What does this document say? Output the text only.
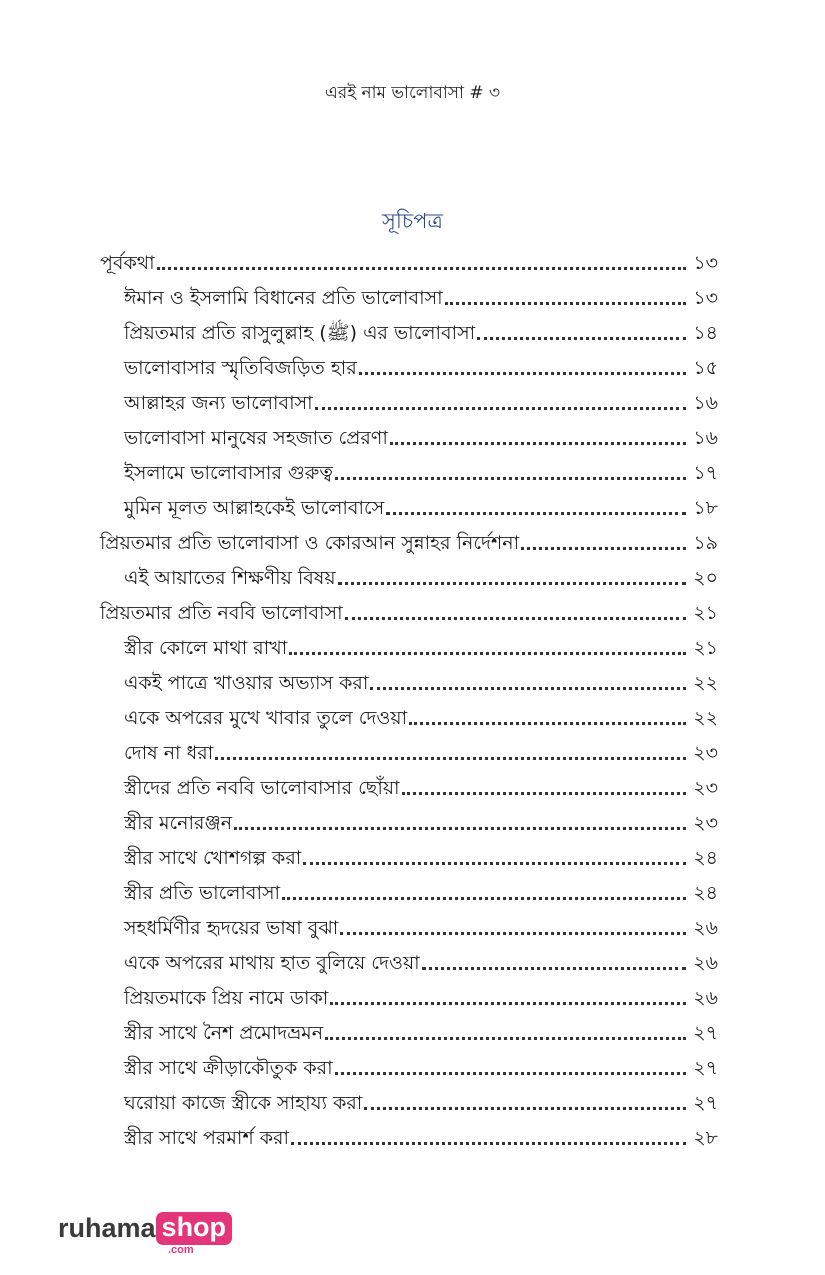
এরই নাম ভালোবাসা # ৩
সূচিপত্র
পূর্বকথা	১৩
ঈমান ও ইসলামি বিধানের প্রতি ভালোবাসা	১৩
প্রিয়তমার প্রতি রাসুলুল্লাহ (ﷺ) এর ভালোবাসা	১৪
ভালোবাসার স্মৃতিবিজড়িত হার	১৫
আল্লাহর জন্য ভালোবাসা	১৬
ভালোবাসা মানুষের সহজাত প্রেরণা	১৬
ইসলামে ভালোবাসার গুরুত্ব	১৭
মুমিন মূলত আল্লাহকেই ভালোবাসে	১৮
প্রিয়তমার প্রতি ভালোবাসা ও কোরআন সুন্নাহর নির্দেশনা	১৯
এই আয়াতের শিক্ষণীয় বিষয়	২০
প্রিয়তমার প্রতি নববি ভালোবাসা	২১
স্ত্রীর কোলে মাথা রাখা	২১
একই পাত্রে খাওয়ার অভ্যাস করা	২২
একে অপরের মুখে খাবার তুলে দেওয়া	২২
দোষ না ধরা	২৩
স্ত্রীদের প্রতি নববি ভালোবাসার ছোঁয়া	২৩
স্ত্রীর মনোরঞ্জন	২৩
স্ত্রীর সাথে খোশগল্প করা	২৪
স্ত্রীর প্রতি ভালোবাসা	২৪
সহধর্মিণীর হৃদয়ের ভাষা বুঝা	২৬
একে অপরের মাথায় হাত বুলিয়ে দেওয়া	২৬
প্রিয়তমাকে প্রিয় নামে ডাকা	২৬
স্ত্রীর সাথে নৈশ প্রমোদভ্রমন	২৭
স্ত্রীর সাথে ক্রীড়াকৌতুক করা	২৭
ঘরোয়া কাজে স্ত্রীকে সাহায্য করা	২৭
স্ত্রীর সাথে পরমার্শ করা	২৮
ruhama shop
.com
